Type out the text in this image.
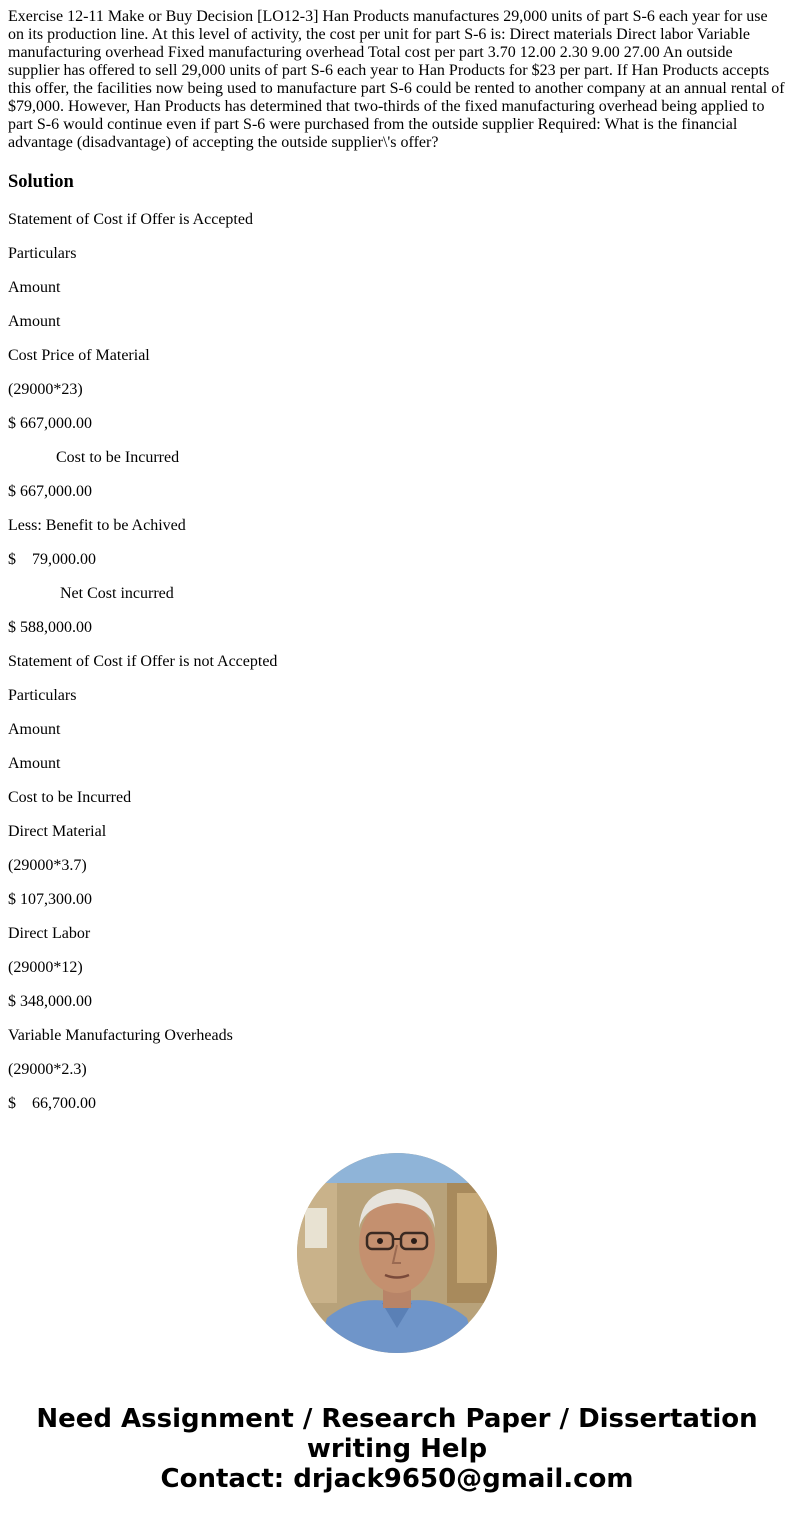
Exercise 12-11 Make or Buy Decision [LO12-3] Han Products manufactures 29,000 units of part S-6 each year for use on its production line. At this level of activity, the cost per unit for part S-6 is: Direct materials Direct labor Variable manufacturing overhead Fixed manufacturing overhead Total cost per part 3.70 12.00 2.30 9.00 27.00 An outside supplier has offered to sell 29,000 units of part S-6 each year to Han Products for $23 per part. If Han Products accepts this offer, the facilities now being used to manufacture part S-6 could be rented to another company at an annual rental of $79,000. However, Han Products has determined that two-thirds of the fixed manufacturing overhead being applied to part S-6 would continue even if part S-6 were purchased from the outside supplier Required: What is the financial advantage (disadvantage) of accepting the outside supplier\'s offer?

Solution

Statement of Cost if Offer is Accepted

Particulars

Amount

Amount

Cost Price of Material

(29000*23)

$ 667,000.00

Cost to be Incurred

$ 667,000.00

Less: Benefit to be Achived

$    79,000.00

Net Cost incurred

$ 588,000.00

Statement of Cost if Offer is not Accepted

Particulars

Amount

Amount

Cost to be Incurred

Direct Material

(29000*3.7)

$ 107,300.00

Direct Labor

(29000*12)

$ 348,000.00

Variable Manufacturing Overheads

(29000*2.3)

$    66,700.00

Need Assignment / Research Paper / Dissertation
writing Help
Contact: drjack9650@gmail.com
